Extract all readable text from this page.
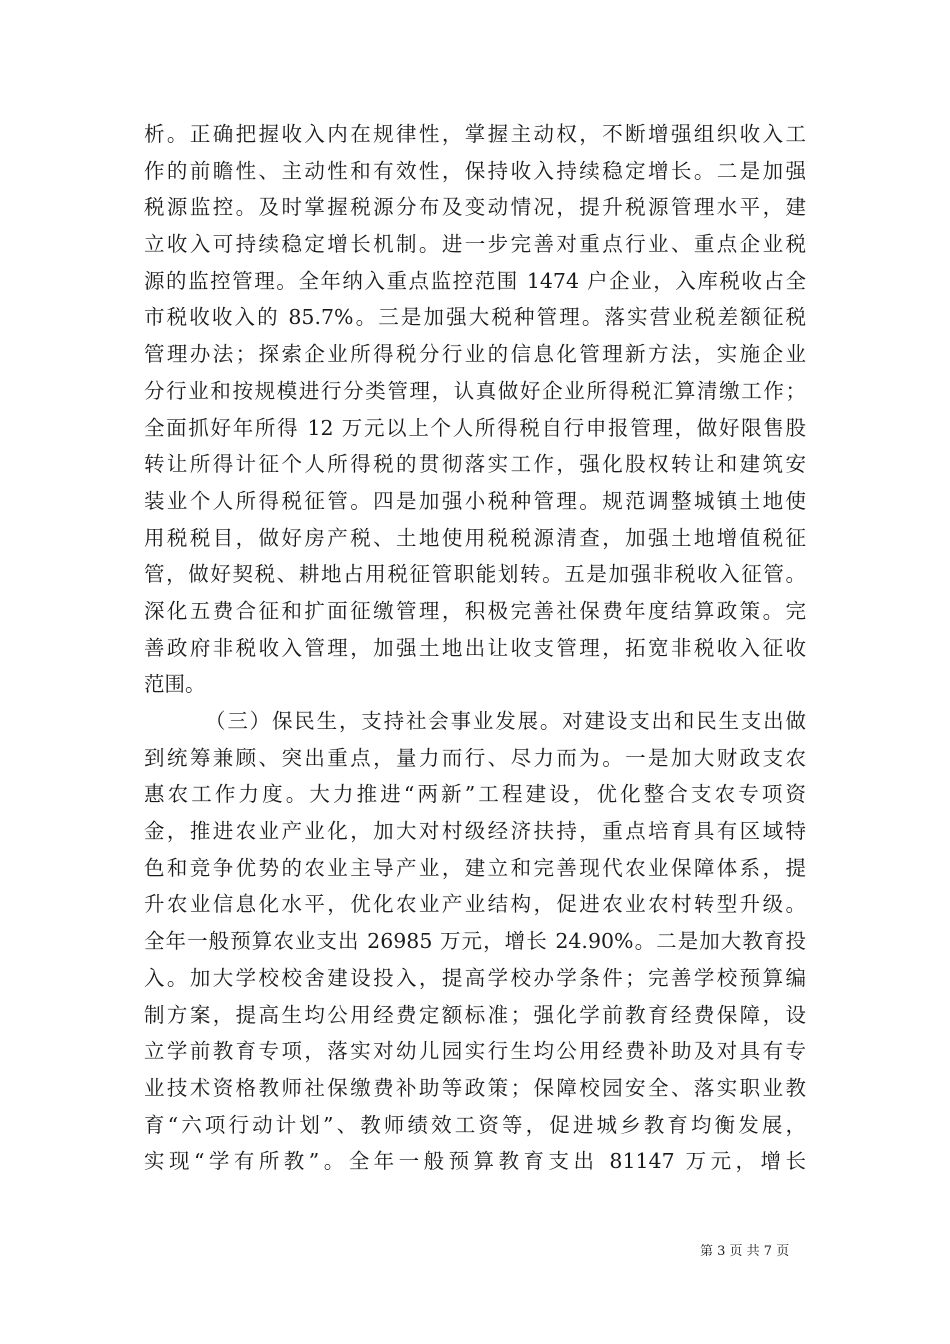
析。正确把握收入内在规律性，掌握主动权，不断增强组织收入工
作的前瞻性、主动性和有效性，保持收入持续稳定增长。二是加强
税源监控。及时掌握税源分布及变动情况，提升税源管理水平，建
立收入可持续稳定增长机制。进一步完善对重点行业、重点企业税
源的监控管理。全年纳入重点监控范围 1474 户企业，入库税收占全
市税收收入的 85.7%。三是加强大税种管理。落实营业税差额征税
管理办法；探索企业所得税分行业的信息化管理新方法，实施企业
分行业和按规模进行分类管理，认真做好企业所得税汇算清缴工作；
全面抓好年所得 12 万元以上个人所得税自行申报管理，做好限售股
转让所得计征个人所得税的贯彻落实工作，强化股权转让和建筑安
装业个人所得税征管。四是加强小税种管理。规范调整城镇土地使
用税税目，做好房产税、土地使用税税源清查，加强土地增值税征
管，做好契税、耕地占用税征管职能划转。五是加强非税收入征管。
深化五费合征和扩面征缴管理，积极完善社保费年度结算政策。完
善政府非税收入管理，加强土地出让收支管理，拓宽非税收入征收
范围。
（三）保民生，支持社会事业发展。对建设支出和民生支出做
到统筹兼顾、突出重点，量力而行、尽力而为。一是加大财政支农
惠农工作力度。大力推进“两新”工程建设，优化整合支农专项资
金，推进农业产业化，加大对村级经济扶持，重点培育具有区域特
色和竞争优势的农业主导产业，建立和完善现代农业保障体系，提
升农业信息化水平，优化农业产业结构，促进农业农村转型升级。
全年一般预算农业支出 26985 万元，增长 24.90%。二是加大教育投
入。加大学校校舍建设投入，提高学校办学条件；完善学校预算编
制方案，提高生均公用经费定额标准；强化学前教育经费保障，设
立学前教育专项，落实对幼儿园实行生均公用经费补助及对具有专
业技术资格教师社保缴费补助等政策；保障校园安全、落实职业教
育“六项行动计划”、教师绩效工资等，促进城乡教育均衡发展，
实现“学有所教”。全年一般预算教育支出 81147 万元，增长
第 3 页 共 7 页
